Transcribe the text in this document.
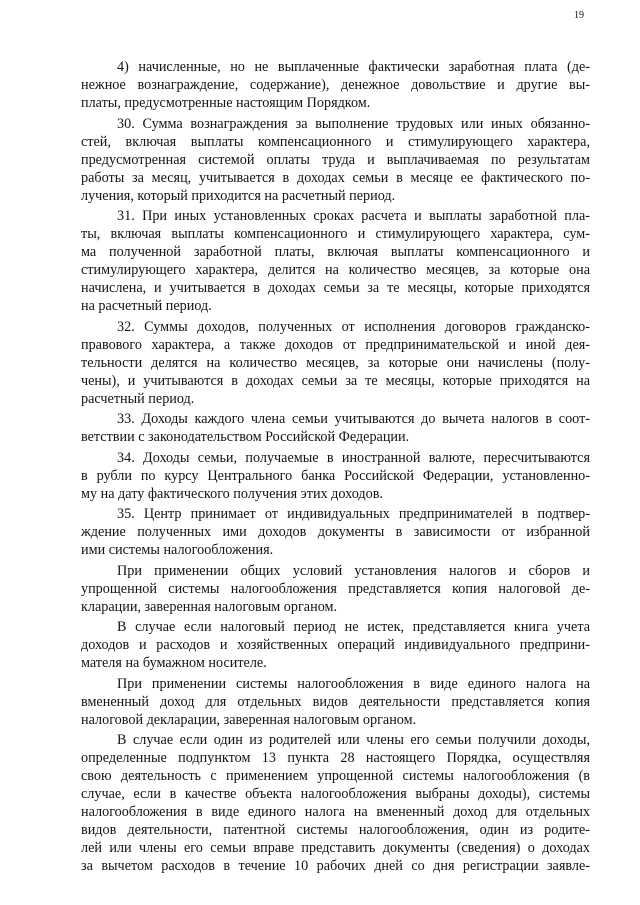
19
4) начисленные, но не выплаченные фактически заработная плата (де-
нежное вознаграждение, содержание), денежное довольствие и другие вы-
платы, предусмотренные настоящим Порядком.
30. Сумма вознаграждения за выполнение трудовых или иных обязанно-
стей, включая выплаты компенсационного и стимулирующего характера,
предусмотренная системой оплаты труда и выплачиваемая по результатам
работы за месяц, учитывается в доходах семьи в месяце ее фактического по-
лучения, который приходится на расчетный период.
31. При иных установленных сроках расчета и выплаты заработной пла-
ты, включая выплаты компенсационного и стимулирующего характера, сум-
ма полученной заработной платы, включая выплаты компенсационного и
стимулирующего характера, делится на количество месяцев, за которые она
начислена, и учитывается в доходах семьи за те месяцы, которые приходятся
на расчетный период.
32. Суммы доходов, полученных от исполнения договоров гражданско-
правового характера, а также доходов от предпринимательской и иной дея-
тельности делятся на количество месяцев, за которые они начислены (полу-
чены), и учитываются в доходах семьи за те месяцы, которые приходятся на
расчетный период.
33. Доходы каждого члена семьи учитываются до вычета налогов в соот-
ветствии с законодательством Российской Федерации.
34. Доходы семьи, получаемые в иностранной валюте, пересчитываются
в рубли по курсу Центрального банка Российской Федерации, установленно-
му на дату фактического получения этих доходов.
35. Центр принимает от индивидуальных предпринимателей в подтвер-
ждение полученных ими доходов документы в зависимости от избранной
ими системы налогообложения.
При применении общих условий установления налогов и сборов и
упрощенной системы налогообложения представляется копия налоговой де-
кларации, заверенная налоговым органом.
В случае если налоговый период не истек, представляется книга учета
доходов и расходов и хозяйственных операций индивидуального предприни-
мателя на бумажном носителе.
При применении системы налогообложения в виде единого налога на
вмененный доход для отдельных видов деятельности представляется копия
налоговой декларации, заверенная налоговым органом.
В случае если один из родителей или члены его семьи получили доходы,
определенные подпунктом 13 пункта 28 настоящего Порядка, осуществляя
свою деятельность с применением упрощенной системы налогообложения (в
случае, если в качестве объекта налогообложения выбраны доходы), системы
налогообложения в виде единого налога на вмененный доход для отдельных
видов деятельности, патентной системы налогообложения, один из родите-
лей или члены его семьи вправе представить документы (сведения) о доходах
за вычетом расходов в течение 10 рабочих дней со дня регистрации заявле-
